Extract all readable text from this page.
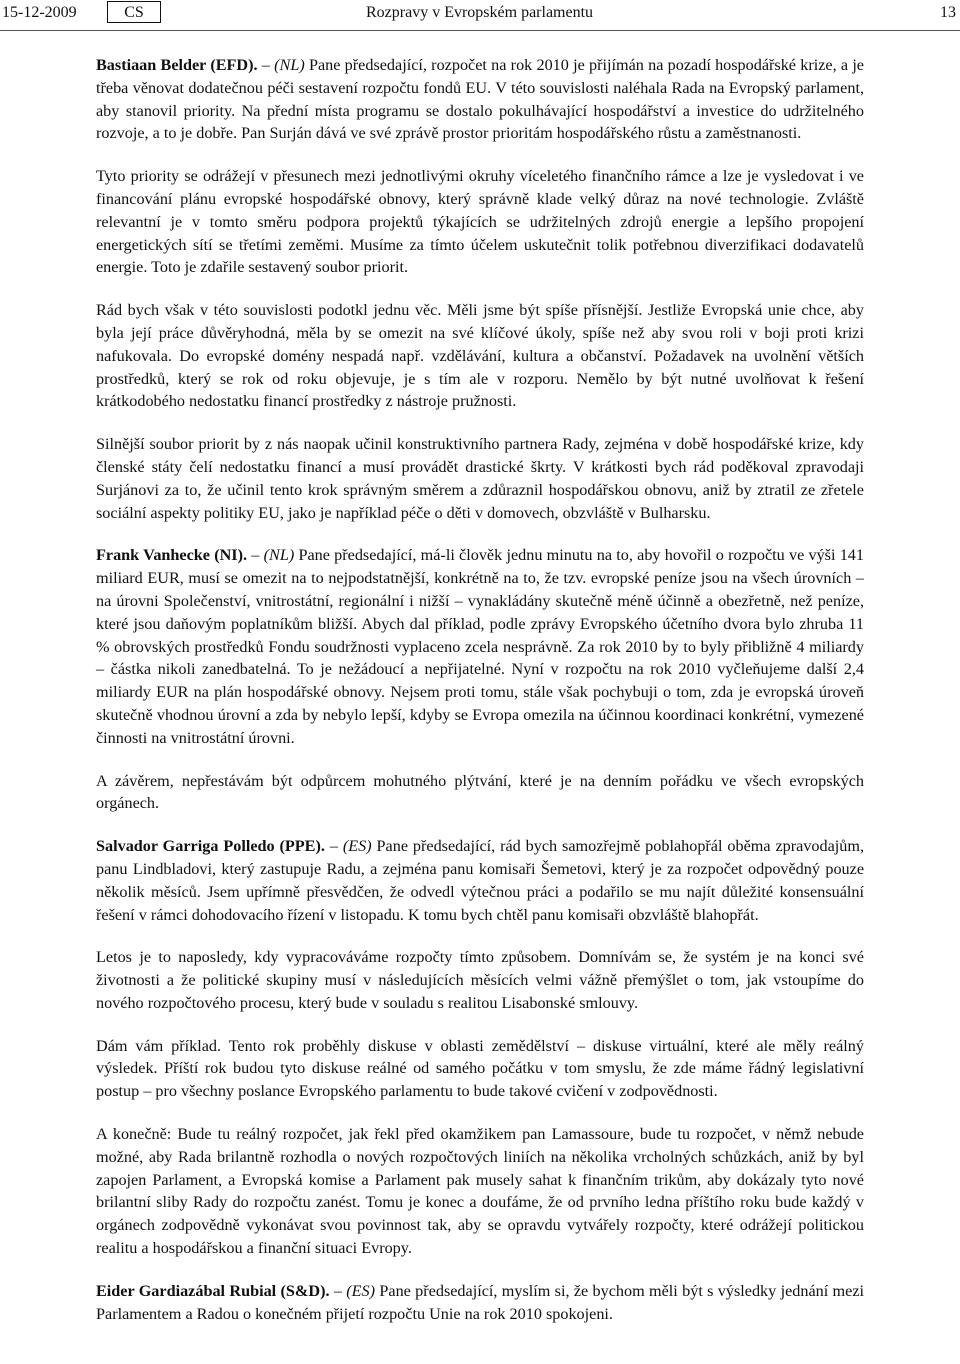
15-12-2009	CS	Rozpravy v Evropském parlamentu	13

Bastiaan Belder (EFD). – (NL) Pane předsedající, rozpočet na rok 2010 je přijímán na pozadí hospodářské krize, a je třeba věnovat dodatečnou péči sestavení rozpočtu fondů EU. V této souvislosti naléhala Rada na Evropský parlament, aby stanovil priority. Na přední místa programu se dostalo pokulhávající hospodářství a investice do udržitelného rozvoje, a to je dobře. Pan Surján dává ve své zprávě prostor prioritám hospodářského růstu a zaměstnanosti.

Tyto priority se odrážejí v přesunech mezi jednotlivými okruhy víceletého finančního rámce a lze je vysledovat i ve financování plánu evropské hospodářské obnovy, který správně klade velký důraz na nové technologie. Zvláště relevantní je v tomto směru podpora projektů týkajících se udržitelných zdrojů energie a lepšího propojení energetických sítí se třetími zeměmi. Musíme za tímto účelem uskutečnit tolik potřebnou diverzifikaci dodavatelů energie. Toto je zdařile sestavený soubor priorit.

Rád bych však v této souvislosti podotkl jednu věc. Měli jsme být spíše přísnější. Jestliže Evropská unie chce, aby byla její práce důvěryhodná, měla by se omezit na své klíčové úkoly, spíše než aby svou roli v boji proti krizi nafukovala. Do evropské domény nespadá např. vzdělávání, kultura a občanství. Požadavek na uvolnění větších prostředků, který se rok od roku objevuje, je s tím ale v rozporu. Nemělo by být nutné uvolňovat k řešení krátkodobého nedostatku financí prostředky z nástroje pružnosti.

Silnější soubor priorit by z nás naopak učinil konstruktivního partnera Rady, zejména v době hospodářské krize, kdy členské státy čelí nedostatku financí a musí provádět drastické škrty. V krátkosti bych rád poděkoval zpravodaji Surjánovi za to, že učinil tento krok správným směrem a zdůraznil hospodářskou obnovu, aniž by ztratil ze zřetele sociální aspekty politiky EU, jako je například péče o děti v domovech, obzvláště v Bulharsku.

Frank Vanhecke (NI). – (NL) Pane předsedající, má-li člověk jednu minutu na to, aby hovořil o rozpočtu ve výši 141 miliard EUR, musí se omezit na to nejpodstatnější, konkrétně na to, že tzv. evropské peníze jsou na všech úrovních – na úrovni Společenství, vnitrostátní, regionální i nižší – vynakládány skutečně méně účinně a obezřetně, než peníze, které jsou daňovým poplatníkům bližší. Abych dal příklad, podle zprávy Evropského účetního dvora bylo zhruba 11 % obrovských prostředků Fondu soudržnosti vyplaceno zcela nesprávně. Za rok 2010 by to byly přibližně 4 miliardy – částka nikoli zanedbatelná. To je nežádoucí a nepřijatelné. Nyní v rozpočtu na rok 2010 vyčleňujeme další 2,4 miliardy EUR na plán hospodářské obnovy. Nejsem proti tomu, stále však pochybuji o tom, zda je evropská úroveň skutečně vhodnou úrovní a zda by nebylo lepší, kdyby se Evropa omezila na účinnou koordinaci konkrétní, vymezené činnosti na vnitrostátní úrovni.

A závěrem, nepřestávám být odpůrcem mohutného plýtvání, které je na denním pořádku ve všech evropských orgánech.

Salvador Garriga Polledo (PPE). – (ES) Pane předsedající, rád bych samozřejmě poblahopřál oběma zpravodajům, panu Lindbladovi, který zastupuje Radu, a zejména panu komisaři Šemetovi, který je za rozpočet odpovědný pouze několik měsíců. Jsem upřímně přesvědčen, že odvedl výtečnou práci a podařilo se mu najít důležité konsensuální řešení v rámci dohodovacího řízení v listopadu. K tomu bych chtěl panu komisaři obzvláště blahopřát.

Letos je to naposledy, kdy vypracováváme rozpočty tímto způsobem. Domnívám se, že systém je na konci své životnosti a že politické skupiny musí v následujících měsících velmi vážně přemýšlet o tom, jak vstoupíme do nového rozpočtového procesu, který bude v souladu s realitou Lisabonské smlouvy.

Dám vám příklad. Tento rok proběhly diskuse v oblasti zemědělství – diskuse virtuální, které ale měly reálný výsledek. Příští rok budou tyto diskuse reálné od samého počátku v tom smyslu, že zde máme řádný legislativní postup – pro všechny poslance Evropského parlamentu to bude takové cvičení v zodpovědnosti.

A konečně: Bude tu reálný rozpočet, jak řekl před okamžikem pan Lamassoure, bude tu rozpočet, v němž nebude možné, aby Rada brilantně rozhodla o nových rozpočtových liniích na několika vrcholných schůzkách, aniž by byl zapojen Parlament, a Evropská komise a Parlament pak musely sahat k finančním trikům, aby dokázaly tyto nové brilantní sliby Rady do rozpočtu zanést. Tomu je konec a doufáme, že od prvního ledna příštího roku bude každý v orgánech zodpovědně vykonávat svou povinnost tak, aby se opravdu vytvářely rozpočty, které odrážejí politickou realitu a hospodářskou a finanční situaci Evropy.

Eider Gardiazábal Rubial (S&D). – (ES) Pane předsedající, myslím si, že bychom měli být s výsledky jednání mezi Parlamentem a Radou o konečném přijetí rozpočtu Unie na rok 2010 spokojeni.
